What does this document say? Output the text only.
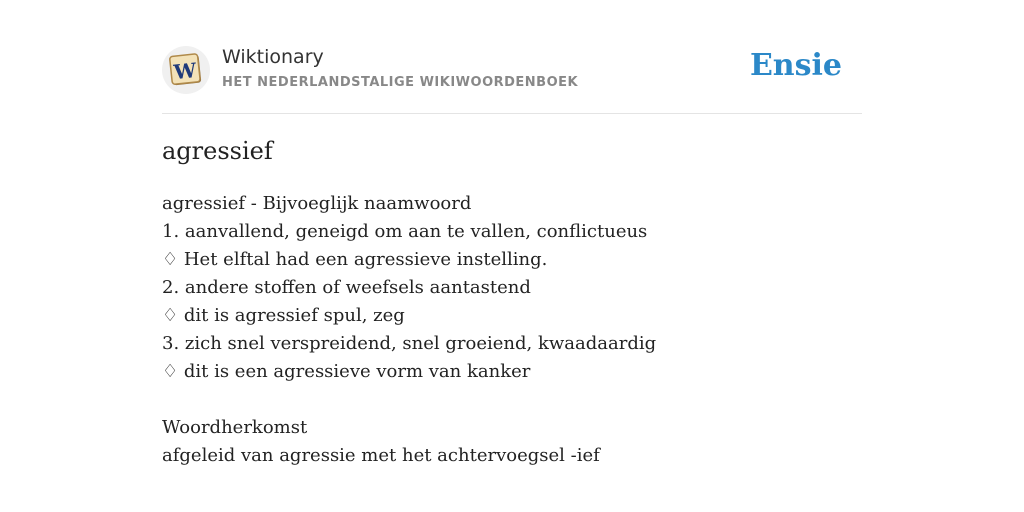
W
Wiktionary
HET NEDERLANDSTALIGE WIKIWOORDENBOEK	Ensie
agressief
agressief - Bijvoeglijk naamwoord
1. aanvallend, geneigd om aan te vallen, conflictueus
♢ Het elftal had een agressieve instelling.
2. andere stoffen of weefsels aantastend
♢ dit is agressief spul, zeg
3. zich snel verspreidend, snel groeiend, kwaadaardig
♢ dit is een agressieve vorm van kanker
Woordherkomst
afgeleid van agressie met het achtervoegsel -ief
